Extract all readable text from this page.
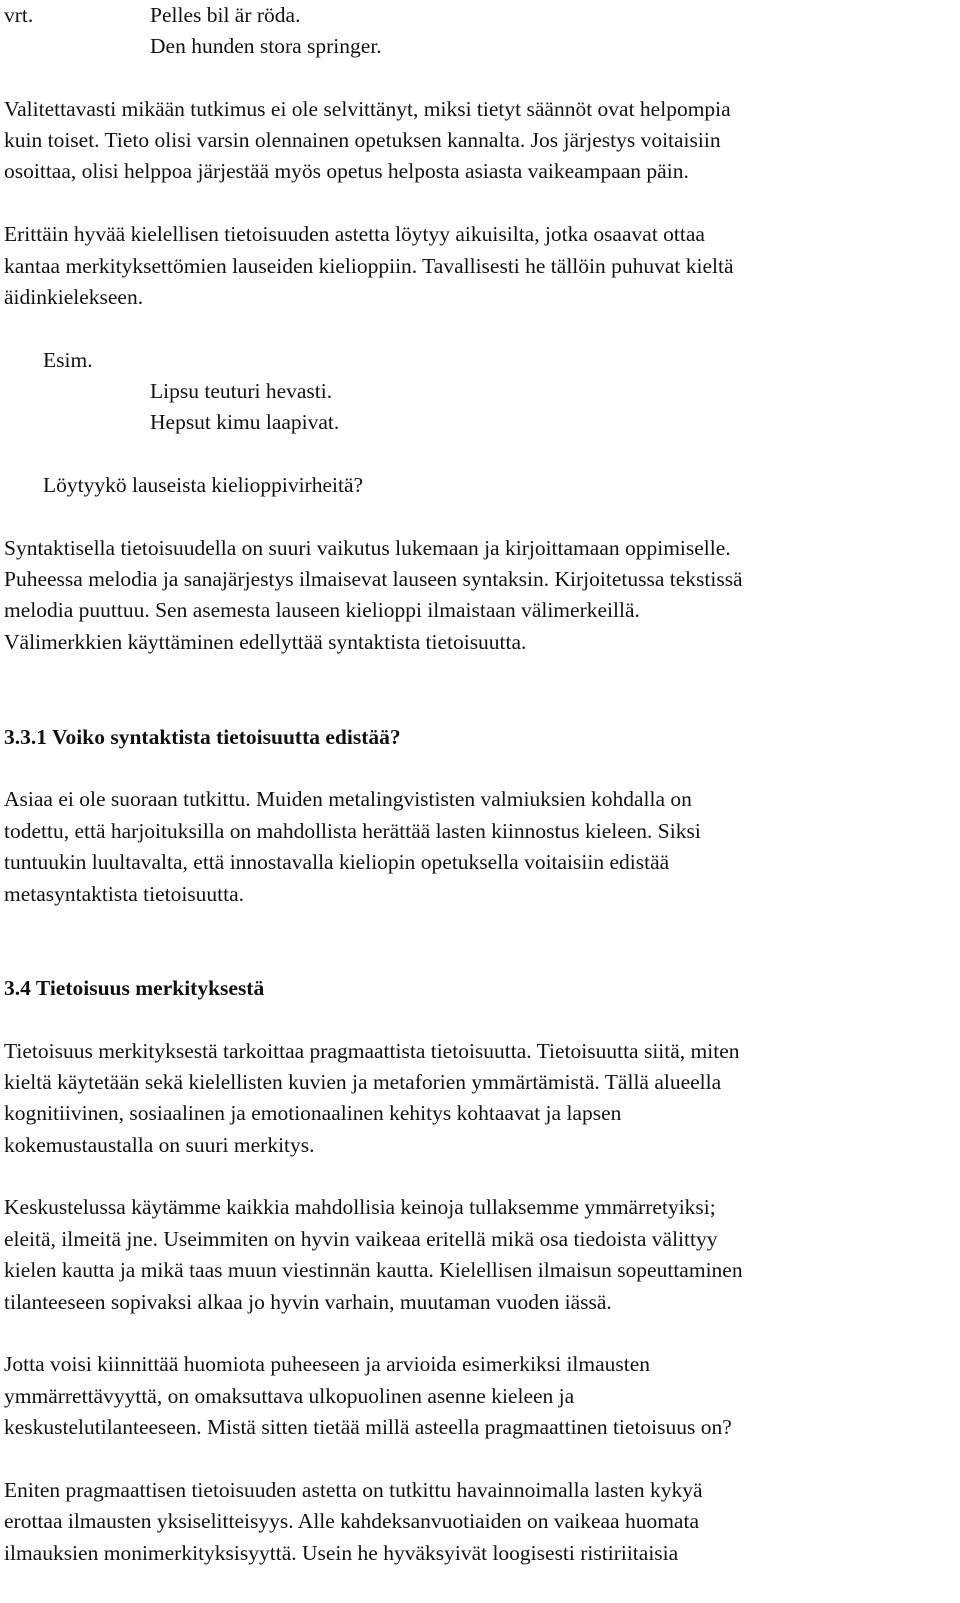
vrt.	Pelles bil är röda.
Den hunden stora springer.
Valitettavasti mikään tutkimus ei ole selvittänyt, miksi tietyt säännöt ovat helpompia
kuin toiset. Tieto olisi varsin olennainen opetuksen kannalta. Jos järjestys voitaisiin
osoittaa, olisi helppoa järjestää myös opetus helposta asiasta vaikeampaan päin.
Erittäin hyvää kielellisen tietoisuuden astetta löytyy aikuisilta, jotka osaavat ottaa
kantaa merkityksettömien lauseiden kielioppiin. Tavallisesti he tällöin puhuvat kieltä
äidinkielekseen.
Esim.
Lipsu teuturi hevasti.
Hepsut kimu laapivat.
Löytyykö lauseista kielioppivirheitä?
Syntaktisella tietoisuudella on suuri vaikutus lukemaan ja kirjoittamaan oppimiselle.
Puheessa melodia ja sanajärjestys ilmaisevat lauseen syntaksin. Kirjoitetussa tekstissä
melodia puuttuu. Sen asemesta lauseen kielioppi ilmaistaan välimerkeillä.
Välimerkkien käyttäminen edellyttää syntaktista tietoisuutta.
3.3.1 Voiko syntaktista tietoisuutta edistää?
Asiaa ei ole suoraan tutkittu. Muiden metalingvististen valmiuksien kohdalla on
todettu, että harjoituksilla on mahdollista herättää lasten kiinnostus kieleen. Siksi
tuntuukin luultavalta, että innostavalla kieliopin opetuksella voitaisiin edistää
metasyntaktista tietoisuutta.
3.4 Tietoisuus merkityksestä
Tietoisuus merkityksestä tarkoittaa pragmaattista tietoisuutta. Tietoisuutta siitä, miten
kieltä käytetään sekä kielellisten kuvien ja metaforien ymmärtämistä. Tällä alueella
kognitiivinen, sosiaalinen ja emotionaalinen kehitys kohtaavat ja lapsen
kokemustaustalla on suuri merkitys.
Keskustelussa käytämme kaikkia mahdollisia keinoja tullaksemme ymmärretyiksi;
eleitä, ilmeitä jne. Useimmiten on hyvin vaikeaa eritellä mikä osa tiedoista välittyy
kielen kautta ja mikä taas muun viestinnän kautta. Kielellisen ilmaisun sopeuttaminen
tilanteeseen sopivaksi alkaa jo hyvin varhain, muutaman vuoden iässä.
Jotta voisi kiinnittää huomiota puheeseen ja arvioida esimerkiksi ilmausten
ymmärrettävyyttä, on omaksuttava ulkopuolinen asenne kieleen ja
keskustelutilanteeseen. Mistä sitten tietää millä asteella pragmaattinen tietoisuus on?
Eniten pragmaattisen tietoisuuden astetta on tutkittu havainnoimalla lasten kykyä
erottaa ilmausten yksiselitteisyys. Alle kahdeksanvuotiaiden on vaikeaa huomata
ilmauksien monimerkityksisyyttä. Usein he hyväksyivät loogisesti ristiriitaisia
